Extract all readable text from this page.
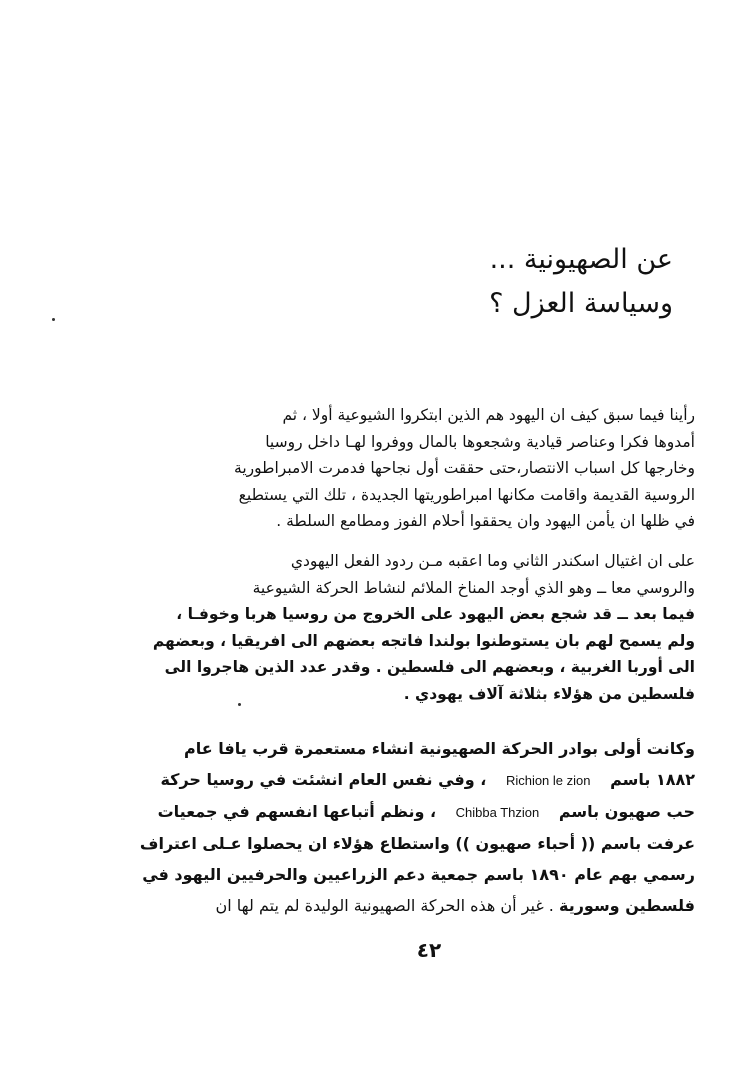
عن الصهيونية ...
وسياسة العزل ؟
رأينا فيما سبق كيف ان اليهود هم الذين ابتكروا الشيوعية أولا ، ثم
أمدوها فكرا وعناصر قيادية وشجعوها بالمال ووفروا لهـا داخل روسيا
وخارجها كل اسباب الانتصار،حتى حققت أول نجاحها فدمرت الامبراطورية
الروسية القديمة واقامت مكانها امبراطوريتها الجديدة ، تلك التي يستطيع
في ظلها ان يأمن اليهود وان يحققوا أحلام الفوز ومطامع السلطة .
على ان اغتيال اسكندر الثاني وما اعقبه مـن ردود الفعل اليهودي
والروسي معا ــ وهو الذي أوجد المناخ الملائم لنشاط الحركة الشيوعية
فيما بعد ــ قد شجع بعض اليهود على الخروج من روسيا هربا وخوفـا ،
ولم يسمح لهم بان يستوطنوا بولندا فاتجه بعضهم الى افريقيا ، وبعضهم
الى أوربا الغربية ، وبعضهم الى فلسطين . وقدر عدد الذين هاجروا الى
فلسطين من هؤلاء بثلاثة آلاف يهودي .
وكانت أولى بوادر الحركة الصهيونية انشاء مستعمرة قرب يافا عام
١٨٨٢ باسم Richion le zion ، وفي نفس العام انشئت في روسيا حركة
حب صهيون باسم Chibba Thzion ، ونظم أتباعها انفسهم في جمعيات
عرفت باسم (( أحباء صهيون )) واستطاع هؤلاء ان يحصلوا عـلى اعتراف
رسمي بهم عام ١٨٩٠ باسم جمعية دعم الزراعيين والحرفيين اليهود في
فلسطين وسورية . غير أن هذه الحركة الصهيونية الوليدة لم يتم لها ان
٤٢
